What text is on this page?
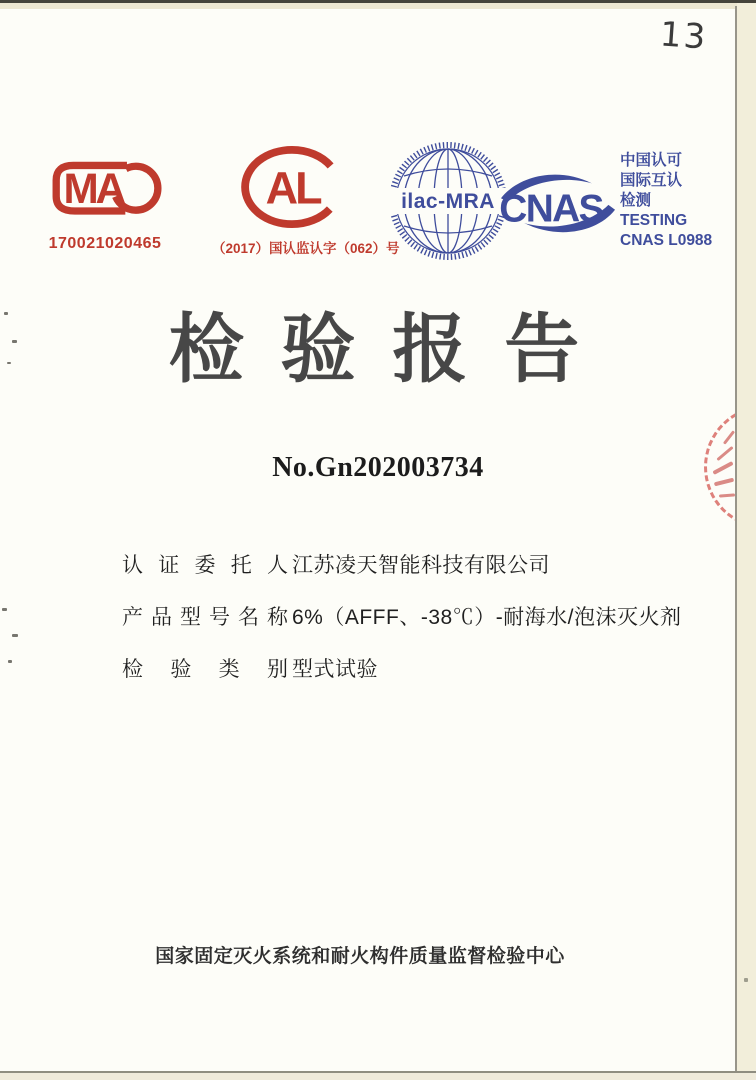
13
MA
170021020465
AL
（2017）国认监认字（062）号
ilac-MRA CNAS
中国认可
国际互认
检测
TESTING
CNAS L0988
检 验 报 告
No.Gn202003734
认 证 委 托 人 江苏凌天智能科技有限公司
产品型号名称 6%（AFFF、-38℃）-耐海水/泡沫灭火剂
检 验 类 别 型式试验
国家固定灭火系统和耐火构件质量监督检验中心
